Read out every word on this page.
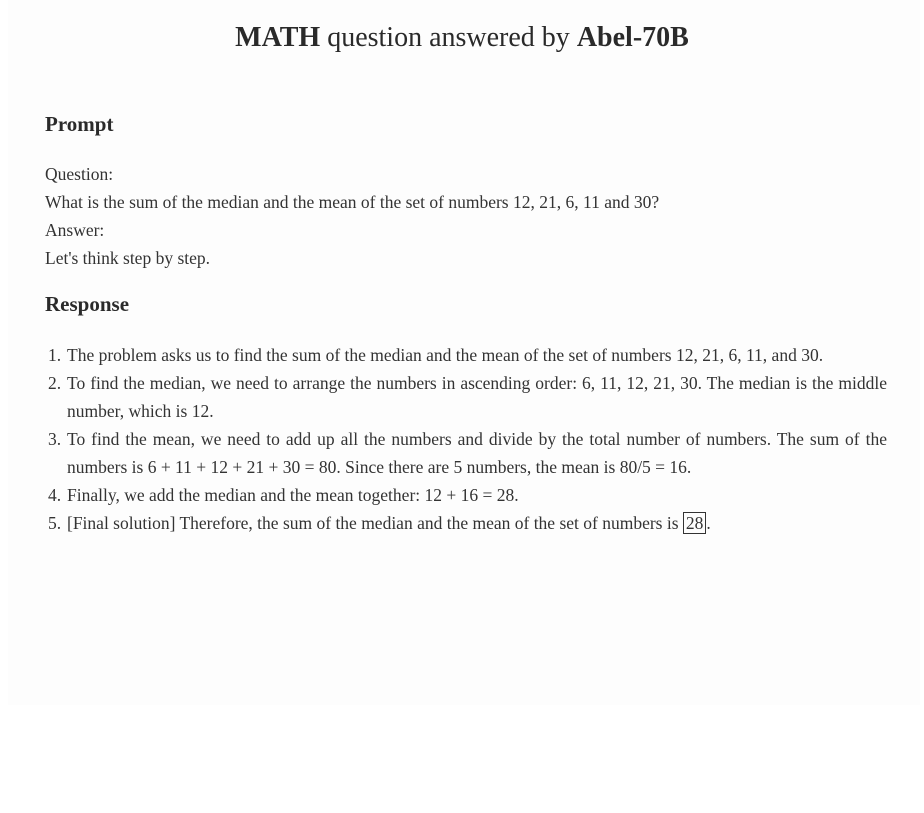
MATH question answered by Abel-70B
Prompt
Question:
What is the sum of the median and the mean of the set of numbers 12, 21, 6, 11 and 30?
Answer:
Let's think step by step.
Response
1. The problem asks us to find the sum of the median and the mean of the set of numbers 12, 21, 6, 11, and 30.
2. To find the median, we need to arrange the numbers in ascending order: 6, 11, 12, 21, 30. The median is the middle number, which is 12.
3. To find the mean, we need to add up all the numbers and divide by the total number of numbers. The sum of the numbers is 6 + 11 + 12 + 21 + 30 = 80. Since there are 5 numbers, the mean is 80/5 = 16.
4. Finally, we add the median and the mean together: 12 + 16 = 28.
5. [Final solution] Therefore, the sum of the median and the mean of the set of numbers is 28 .
